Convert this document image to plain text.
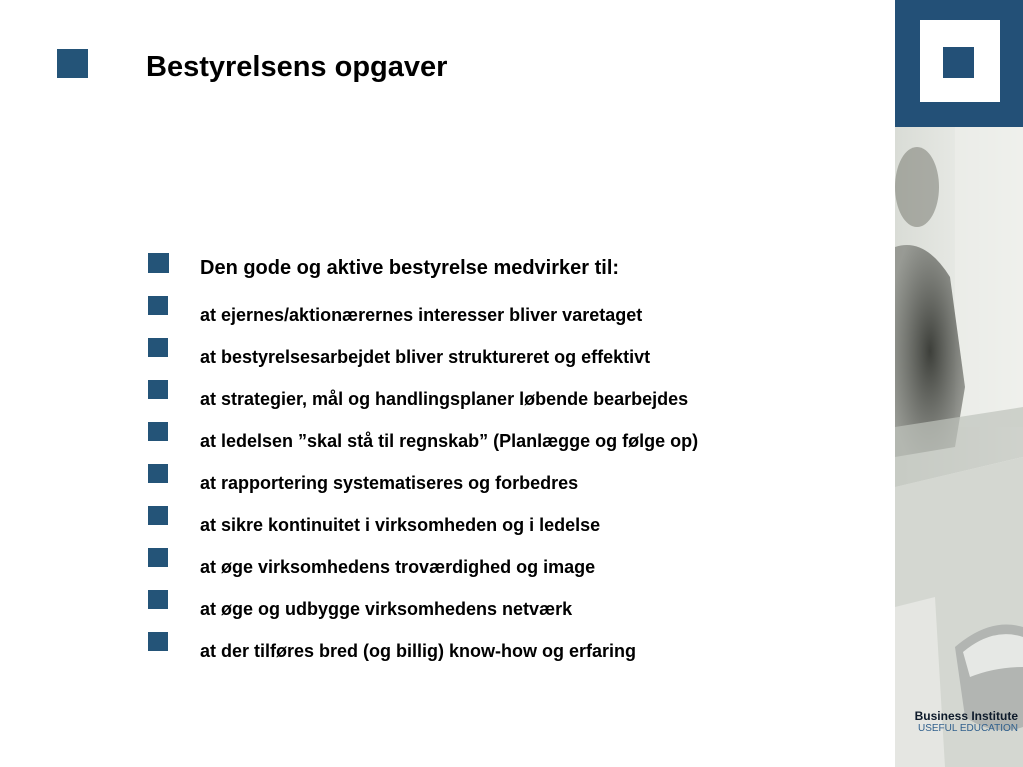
Bestyrelsens opgaver
Den gode og aktive bestyrelse medvirker til:
at ejernes/aktionærernes interesser bliver varetaget
at bestyrelsesarbejdet bliver struktureret og effektivt
at strategier, mål og handlingsplaner løbende bearbejdes
at ledelsen ”skal stå til regnskab” (Planlægge og følge op)
at rapportering systematiseres og forbedres
at sikre kontinuitet i virksomheden og i ledelse
at øge virksomhedens troværdighed og image
at øge og udbygge virksomhedens netværk
at der tilføres bred (og billig) know-how og erfaring
Business Institute
USEFUL EDUCATION
